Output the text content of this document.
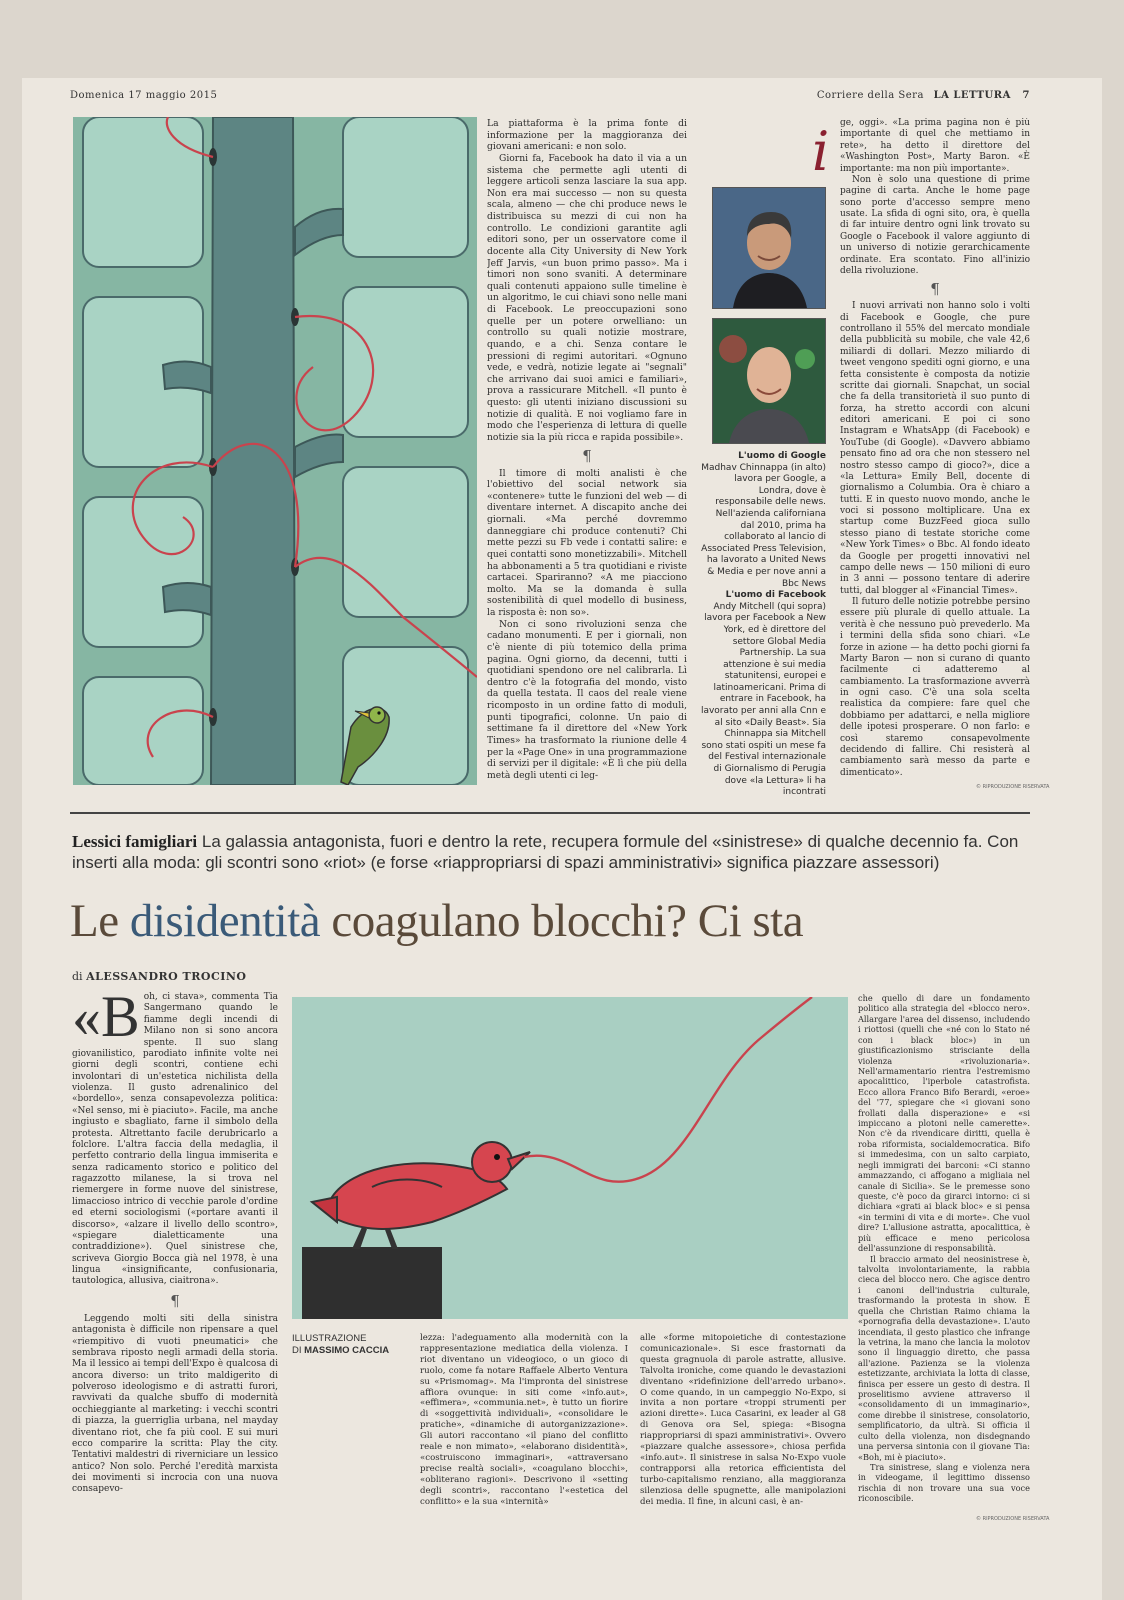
Domenica 17 maggio 2015	Corriere della Sera LA LETTURA 7

La piattaforma è la prima fonte di informazione per la maggioranza dei giovani americani: e non solo.

Giorni fa, Facebook ha dato il via a un sistema che permette agli utenti di leggere articoli senza lasciare la sua app. Non era mai successo — non su questa scala, almeno — che chi produce news le distribuisca su mezzi di cui non ha controllo. Le condizioni garantite agli editori sono, per un osservatore come il docente alla City University di New York Jeff Jarvis, «un buon primo passo». Ma i timori non sono svaniti. A determinare quali contenuti appaiono sulle timeline è un algoritmo, le cui chiavi sono nelle mani di Facebook. Le preoccupazioni sono quelle per un potere orwelliano: un controllo su quali notizie mostrare, quando, e a chi. Senza contare le pressioni di regimi autoritari. «Ognuno vede, e vedrà, notizie legate ai "segnali" che arrivano dai suoi amici e familiari», prova a rassicurare Mitchell. «Il punto è questo: gli utenti iniziano discussioni su notizie di qualità. E noi vogliamo fare in modo che l'esperienza di lettura di quelle notizie sia la più ricca e rapida possibile».

¶

Il timore di molti analisti è che l'obiettivo del social network sia «contenere» tutte le funzioni del web — di diventare internet. A discapito anche dei giornali. «Ma perché dovremmo danneggiare chi produce contenuti? Chi mette pezzi su Fb vede i contatti salire: e quei contatti sono monetizzabili». Mitchell ha abbonamenti a 5 tra quotidiani e riviste cartacei. Spariranno? «A me piacciono molto. Ma se la domanda è sulla sostenibilità di quel modello di business, la risposta è: non so».

Non ci sono rivoluzioni senza che cadano monumenti. E per i giornali, non c'è niente di più totemico della prima pagina. Ogni giorno, da decenni, tutti i quotidiani spendono ore nel calibrarla. Lì dentro c'è la fotografia del mondo, visto da quella testata. Il caos del reale viene ricomposto in un ordine fatto di moduli, punti tipografici, colonne. Un paio di settimane fa il direttore del «New York Times» ha trasformato la riunione delle 4 per la «Page One» in una programmazione di servizi per il digitale: «È lì che più della metà degli utenti ci leg-

i
L'uomo di Google
Madhav Chinnappa (in alto) lavora per Google, a Londra, dove è responsabile delle news. Nell'azienda californiana dal 2010, prima ha collaborato al lancio di Associated Press Television, ha lavorato a United News & Media e per nove anni a Bbc News
L'uomo di Facebook
Andy Mitchell (qui sopra) lavora per Facebook a New York, ed è direttore del settore Global Media Partnership. La sua attenzione è sui media statunitensi, europei e latinoamericani. Prima di entrare in Facebook, ha lavorato per anni alla Cnn e al sito «Daily Beast». Sia Chinnappa sia Mitchell sono stati ospiti un mese fa del Festival internazionale di Giornalismo di Perugia dove «la Lettura» li ha incontrati

ge, oggi». «La prima pagina non è più importante di quel che mettiamo in rete», ha detto il direttore del «Washington Post», Marty Baron. «È importante: ma non più importante».

Non è solo una questione di prime pagine di carta. Anche le home page sono porte d'accesso sempre meno usate. La sfida di ogni sito, ora, è quella di far intuire dentro ogni link trovato su Google o Facebook il valore aggiunto di un universo di notizie gerarchicamente ordinate. Era scontato. Fino all'inizio della rivoluzione.

¶

I nuovi arrivati non hanno solo i volti di Facebook e Google, che pure controllano il 55% del mercato mondiale della pubblicità su mobile, che vale 42,6 miliardi di dollari. Mezzo miliardo di tweet vengono spediti ogni giorno, e una fetta consistente è composta da notizie scritte dai giornali. Snapchat, un social che fa della transitorietà il suo punto di forza, ha stretto accordi con alcuni editori americani. E poi ci sono Instagram e WhatsApp (di Facebook) e YouTube (di Google). «Davvero abbiamo pensato fino ad ora che non stessero nel nostro stesso campo di gioco?», dice a «la Lettura» Emily Bell, docente di giornalismo a Columbia. Ora è chiaro a tutti. E in questo nuovo mondo, anche le voci si possono moltiplicare. Una ex startup come BuzzFeed gioca sullo stesso piano di testate storiche come «New York Times» o Bbc. Al fondo ideato da Google per progetti innovativi nel campo delle news — 150 milioni di euro in 3 anni — possono tentare di aderire tutti, dal blogger al «Financial Times».

Il futuro delle notizie potrebbe persino essere più plurale di quello attuale. La verità è che nessuno può prevederlo. Ma i termini della sfida sono chiari. «Le forze in azione — ha detto pochi giorni fa Marty Baron — non si curano di quanto facilmente ci adatteremo al cambiamento. La trasformazione avverrà in ogni caso. C'è una sola scelta realistica da compiere: fare quel che dobbiamo per adattarci, e nella migliore delle ipotesi prosperare. O non farlo: e così staremo consapevolmente decidendo di fallire. Chi resisterà al cambiamento sarà messo da parte e dimenticato».

© RIPRODUZIONE RISERVATA
Lessici famigliari La galassia antagonista, fuori e dentro la rete, recupera formule del «sinistrese» di qualche decennio fa. Con inserti alla moda: gli scontri sono «riot» (e forse «riappropriarsi di spazi amministrativi» significa piazzare assessori)
Le disidentità coagulano blocchi? Ci sta
di ALESSANDRO TROCINO

«Boh, ci stava», commenta Tia Sangermano quando le fiamme degli incendi di Milano non si sono ancora spente. Il suo slang giovanilistico, parodiato infinite volte nei giorni degli scontri, contiene echi involontari di un'estetica nichilista della violenza. Il gusto adrenalinico del «bordello», senza consapevolezza politica: «Nel senso, mi è piaciuto». Facile, ma anche ingiusto e sbagliato, farne il simbolo della protesta. Altrettanto facile derubricarlo a folclore. L'altra faccia della medaglia, il perfetto contrario della lingua immiserita e senza radicamento storico e politico del ragazzotto milanese, la si trova nel riemergere in forme nuove del sinistrese, limaccioso intrico di vecchie parole d'ordine ed eterni sociologismi («portare avanti il discorso», «alzare il livello dello scontro», «spiegare dialetticamente una contraddizione»). Quel sinistrese che, scriveva Giorgio Bocca già nel 1978, è una lingua «insignificante, confusionaria, tautologica, allusiva, ciaitrona».

¶

Leggendo molti siti della sinistra antagonista è difficile non ripensare a quel «riempitivo di vuoti pneumatici» che sembrava riposto negli armadi della storia. Ma il lessico ai tempi dell'Expo è qualcosa di ancora diverso: un trito maldigerito di polveroso ideologismo e di astratti furori, ravvivati da qualche sbuffo di modernità occhieggiante al marketing: i vecchi scontri di piazza, la guerriglia urbana, nel mayday diventano riot, che fa più cool. E sui muri ecco comparire la scritta: Play the city. Tentativi maldestri di riverniciare un lessico antico? Non solo. Perché l'eredità marxista dei movimenti si incrocia con una nuova consapevo-

ILLUSTRAZIONE
DI MASSIMO CACCIA

lezza: l'adeguamento alla modernità con la rappresentazione mediatica della violenza. I riot diventano un videogioco, o un gioco di ruolo, come fa notare Raffaele Alberto Ventura su «Prismomag». Ma l'impronta del sinistrese affiora ovunque: in siti come «info.aut», «effimera», «communia.net», è tutto un fiorire di «soggettività individuali», «consolidare le pratiche», «dinamiche di autorganizzazione». Gli autori raccontano «il piano del conflitto reale e non mimato», «elaborano disidentità», «costruiscono immaginari», «attraversano precise realtà sociali», «coagulano blocchi», «obliterano ragioni». Descrivono il «setting degli scontri», raccontano l'«estetica del conflitto» e la sua «internità»

alle «forme mitopoietiche di contestazione comunicazionale». Si esce frastornati da questa gragnuola di parole astratte, allusive. Talvolta ironiche, come quando le devastazioni diventano «ridefinizione dell'arredo urbano». O come quando, in un campeggio No-Expo, si invita a non portare «troppi strumenti per azioni dirette». Luca Casarini, ex leader al G8 di Genova ora Sel, spiega: «Bisogna riappropriarsi di spazi amministrativi». Ovvero «piazzare qualche assessore», chiosa perfida «info.aut». Il sinistrese in salsa No-Expo vuole contrapporsi alla retorica efficientista del turbo-capitalismo renziano, alla maggioranza silenziosa delle spugnette, alle manipolazioni dei media. Il fine, in alcuni casi, è an-

che quello di dare un fondamento politico alla strategia del «blocco nero». Allargare l'area del dissenso, includendo i riottosi (quelli che «né con lo Stato né con i black bloc») in un giustificazionismo strisciante della violenza «rivoluzionaria». Nell'armamentario rientra l'estremismo apocalittico, l'iperbole catastrofista. Ecco allora Franco Bifo Berardi, «eroe» del '77, spiegare che «i giovani sono frollati dalla disperazione» e «si impiccano a plotoni nelle camerette». Non c'è da rivendicare diritti, quella è roba riformista, socialdemocratica. Bifo si immedesima, con un salto carpiato, negli immigrati dei barconi: «Ci stanno ammazzando, ci affogano a migliaia nel canale di Sicilia». Se le premesse sono queste, c'è poco da girarci intorno: ci si dichiara «grati ai black bloc» e si pensa «in termini di vita e di morte». Che vuol dire? L'allusione astratta, apocalittica, è più efficace e meno pericolosa dell'assunzione di responsabilità.

Il braccio armato del neosinistrese è, talvolta involontariamente, la rabbia cieca del blocco nero. Che agisce dentro i canoni dell'industria culturale, trasformando la protesta in show. È quella che Christian Raimo chiama la «pornografia della devastazione». L'auto incendiata, il gesto plastico che infrange la vetrina, la mano che lancia la molotov sono il linguaggio diretto, che passa all'azione. Pazienza se la violenza estetizzante, archiviata la lotta di classe, finisca per essere un gesto di destra. Il proselitismo avviene attraverso il «consolidamento di un immaginario», come direbbe il sinistrese, consolatorio, semplificatorio, da ultrà. Si officia il culto della violenza, non disdegnando una perversa sintonia con il giovane Tia: «Boh, mi è piaciuto».

Tra sinistrese, slang e violenza nera in videogame, il legittimo dissenso rischia di non trovare una sua voce riconoscibile.

© RIPRODUZIONE RISERVATA
